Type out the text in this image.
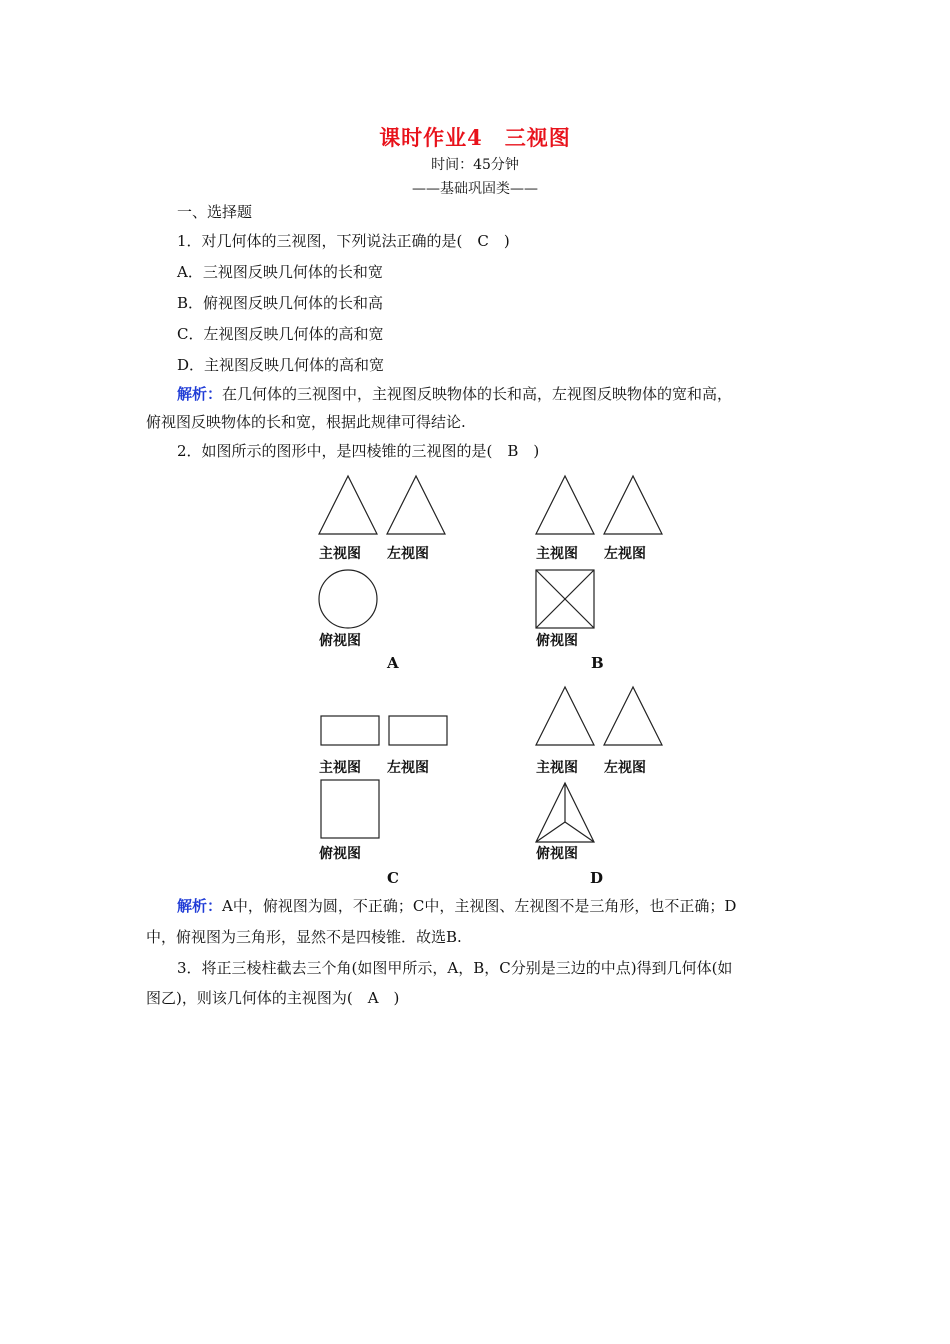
课时作业4　三视图
时间：45分钟
——基础巩固类——
一、选择题
1．对几何体的三视图，下列说法正确的是(　C　)
A．三视图反映几何体的长和宽
B．俯视图反映几何体的长和高
C．左视图反映几何体的高和宽
D．主视图反映几何体的高和宽
解析：在几何体的三视图中，主视图反映物体的长和高，左视图反映物体的宽和高，
俯视图反映物体的长和宽，根据此规律可得结论.
2．如图所示的图形中，是四棱锥的三视图的是(　B　)
主视图 左视图
俯视图
A
主视图 左视图
俯视图
B
主视图 左视图
俯视图
C
主视图 左视图
俯视图
D
解析：A中，俯视图为圆，不正确；C中，主视图、左视图不是三角形，也不正确；D
中，俯视图为三角形，显然不是四棱锥．故选B.
3．将正三棱柱截去三个角(如图甲所示，A，B，C分别是三边的中点)得到几何体(如
图乙)，则该几何体的主视图为(　A　)
